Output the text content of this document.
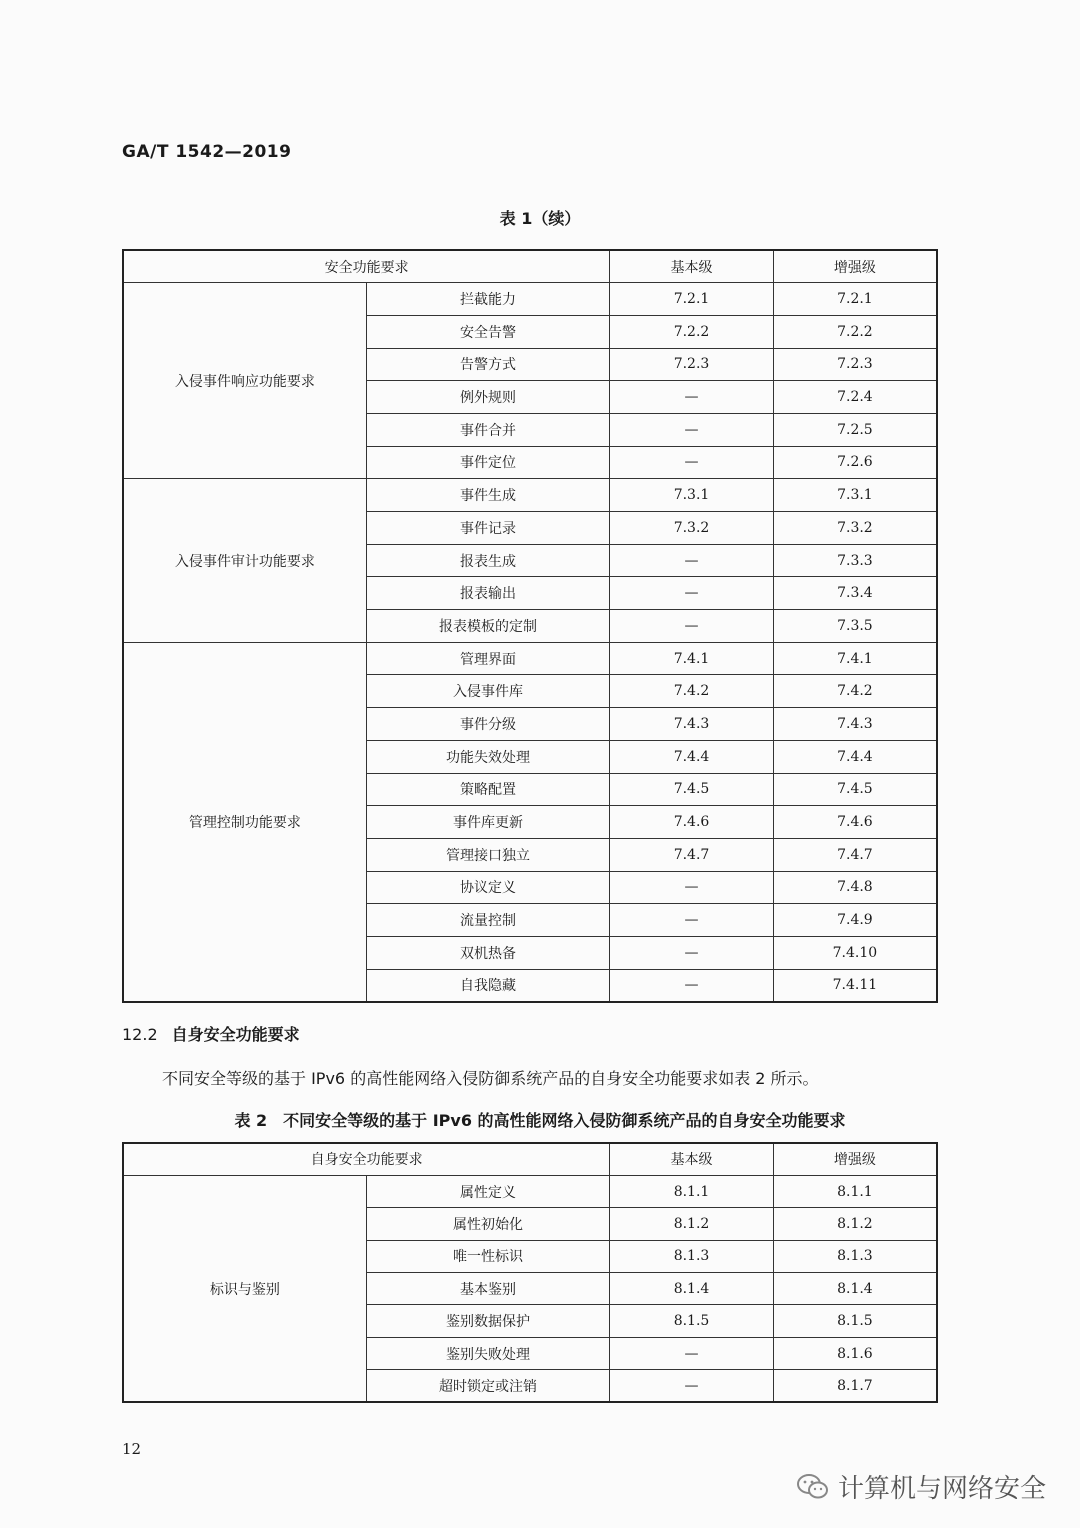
GA/T 1542—2019
表 1（续）
安全功能要求		基本级	增强级
入侵事件响应功能要求	拦截能力	7.2.1	7.2.1
	安全告警	7.2.2	7.2.2
	告警方式	7.2.3	7.2.3
	例外规则	—	7.2.4
	事件合并	—	7.2.5
	事件定位	—	7.2.6
入侵事件审计功能要求	事件生成	7.3.1	7.3.1
	事件记录	7.3.2	7.3.2
	报表生成	—	7.3.3
	报表输出	—	7.3.4
	报表模板的定制	—	7.3.5
管理控制功能要求	管理界面	7.4.1	7.4.1
	入侵事件库	7.4.2	7.4.2
	事件分级	7.4.3	7.4.3
	功能失效处理	7.4.4	7.4.4
	策略配置	7.4.5	7.4.5
	事件库更新	7.4.6	7.4.6
	管理接口独立	7.4.7	7.4.7
	协议定义	—	7.4.8
	流量控制	—	7.4.9
	双机热备	—	7.4.10
	自我隐藏	—	7.4.11
12.2 自身安全功能要求
不同安全等级的基于 IPv6 的高性能网络入侵防御系统产品的自身安全功能要求如表 2 所示。
表 2　不同安全等级的基于 IPv6 的高性能网络入侵防御系统产品的自身安全功能要求
自身安全功能要求		基本级	增强级
标识与鉴别	属性定义	8.1.1	8.1.1
	属性初始化	8.1.2	8.1.2
	唯一性标识	8.1.3	8.1.3
	基本鉴别	8.1.4	8.1.4
	鉴别数据保护	8.1.5	8.1.5
	鉴别失败处理	—	8.1.6
	超时锁定或注销	—	8.1.7
12
计算机与网络安全
